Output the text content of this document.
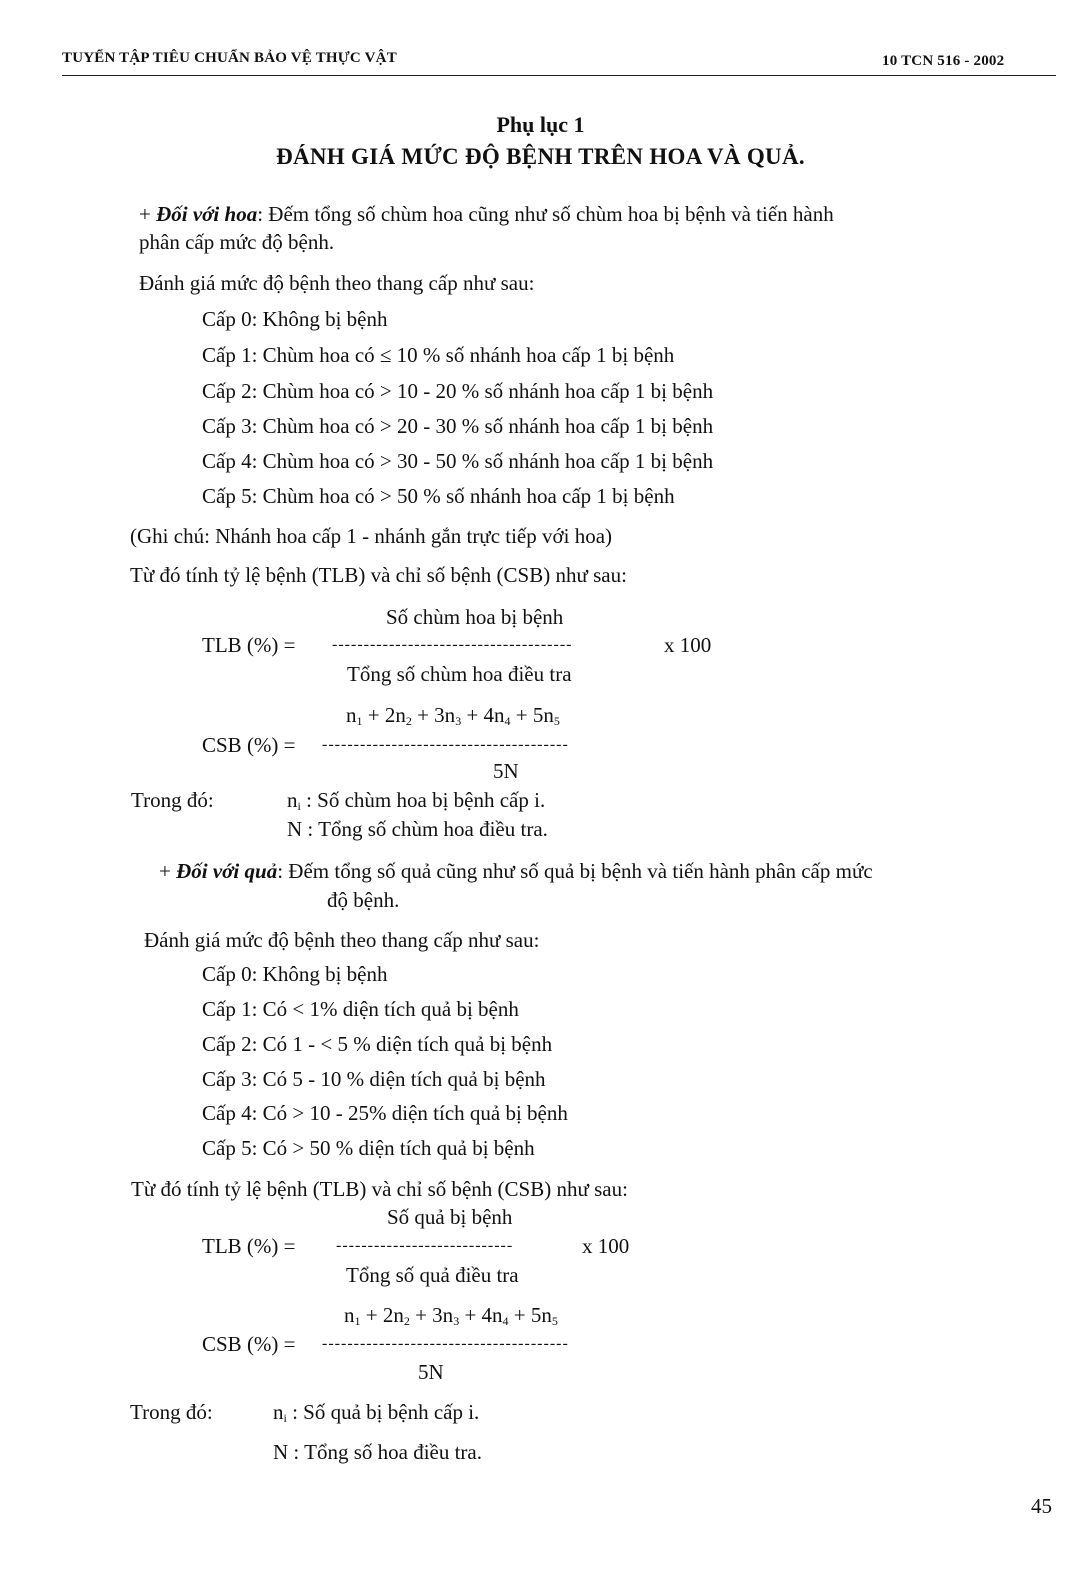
TUYỂN TẬP TIÊU CHUẨN BẢO VỆ THỰC VẬT	10 TCN 516 - 2002
Phụ lục 1
ĐÁNH GIÁ MỨC ĐỘ BỆNH TRÊN HOA VÀ QUẢ.
+ Đối với hoa: Đếm tổng số chùm hoa cũng như số chùm hoa bị bệnh và tiến hành
phân cấp mức độ bệnh.
Đánh giá mức độ bệnh theo thang cấp như sau:
Cấp 0: Không bị bệnh
Cấp 1: Chùm hoa có ≤ 10 % số nhánh hoa cấp 1 bị bệnh
Cấp 2: Chùm hoa có > 10 - 20 % số nhánh hoa cấp 1 bị bệnh
Cấp 3: Chùm hoa có > 20 - 30 % số nhánh hoa cấp 1 bị bệnh
Cấp 4: Chùm hoa có > 30 - 50 % số nhánh hoa cấp 1 bị bệnh
Cấp 5: Chùm hoa có > 50 % số nhánh hoa cấp 1 bị bệnh
(Ghi chú: Nhánh hoa cấp 1 - nhánh gắn trực tiếp với hoa)
Từ đó tính tỷ lệ bệnh (TLB) và chỉ số bệnh (CSB) như sau:
Số chùm hoa bị bệnh
TLB (%) = --------------------------------------	x 100
Tổng số chùm hoa điều tra
$n_1 + 2n_2 + 3n_3 + 4n_4 + 5n_5$
CSB (%) = ---------------------------------------
5N
Trong đó:	$n_i$ : Số chùm hoa bị bệnh cấp i.
N : Tổng số chùm hoa điều tra.
+ Đối với quả: Đếm tổng số quả cũng như số quả bị bệnh và tiến hành phân cấp mức
độ bệnh.
Đánh giá mức độ bệnh theo thang cấp như sau:
Cấp 0: Không bị bệnh
Cấp 1: Có < 1% diện tích quả bị bệnh
Cấp 2: Có 1 - < 5 % diện tích quả bị bệnh
Cấp 3: Có 5 - 10 % diện tích quả bị bệnh
Cấp 4: Có > 10 - 25% diện tích quả bị bệnh
Cấp 5: Có > 50 % diện tích quả bị bệnh
Từ đó tính tỷ lệ bệnh (TLB) và chỉ số bệnh (CSB) như sau:
Số quả bị bệnh
TLB (%) =	----------------------------	x 100
Tổng số quả điều tra
$n_1 + 2n_2 + 3n_3 + 4n_4 + 5n_5$
CSB (%) = ---------------------------------------
5N
Trong đó:	$n_i$ : Số quả bị bệnh cấp i.
N : Tổng số hoa điều tra.
45
